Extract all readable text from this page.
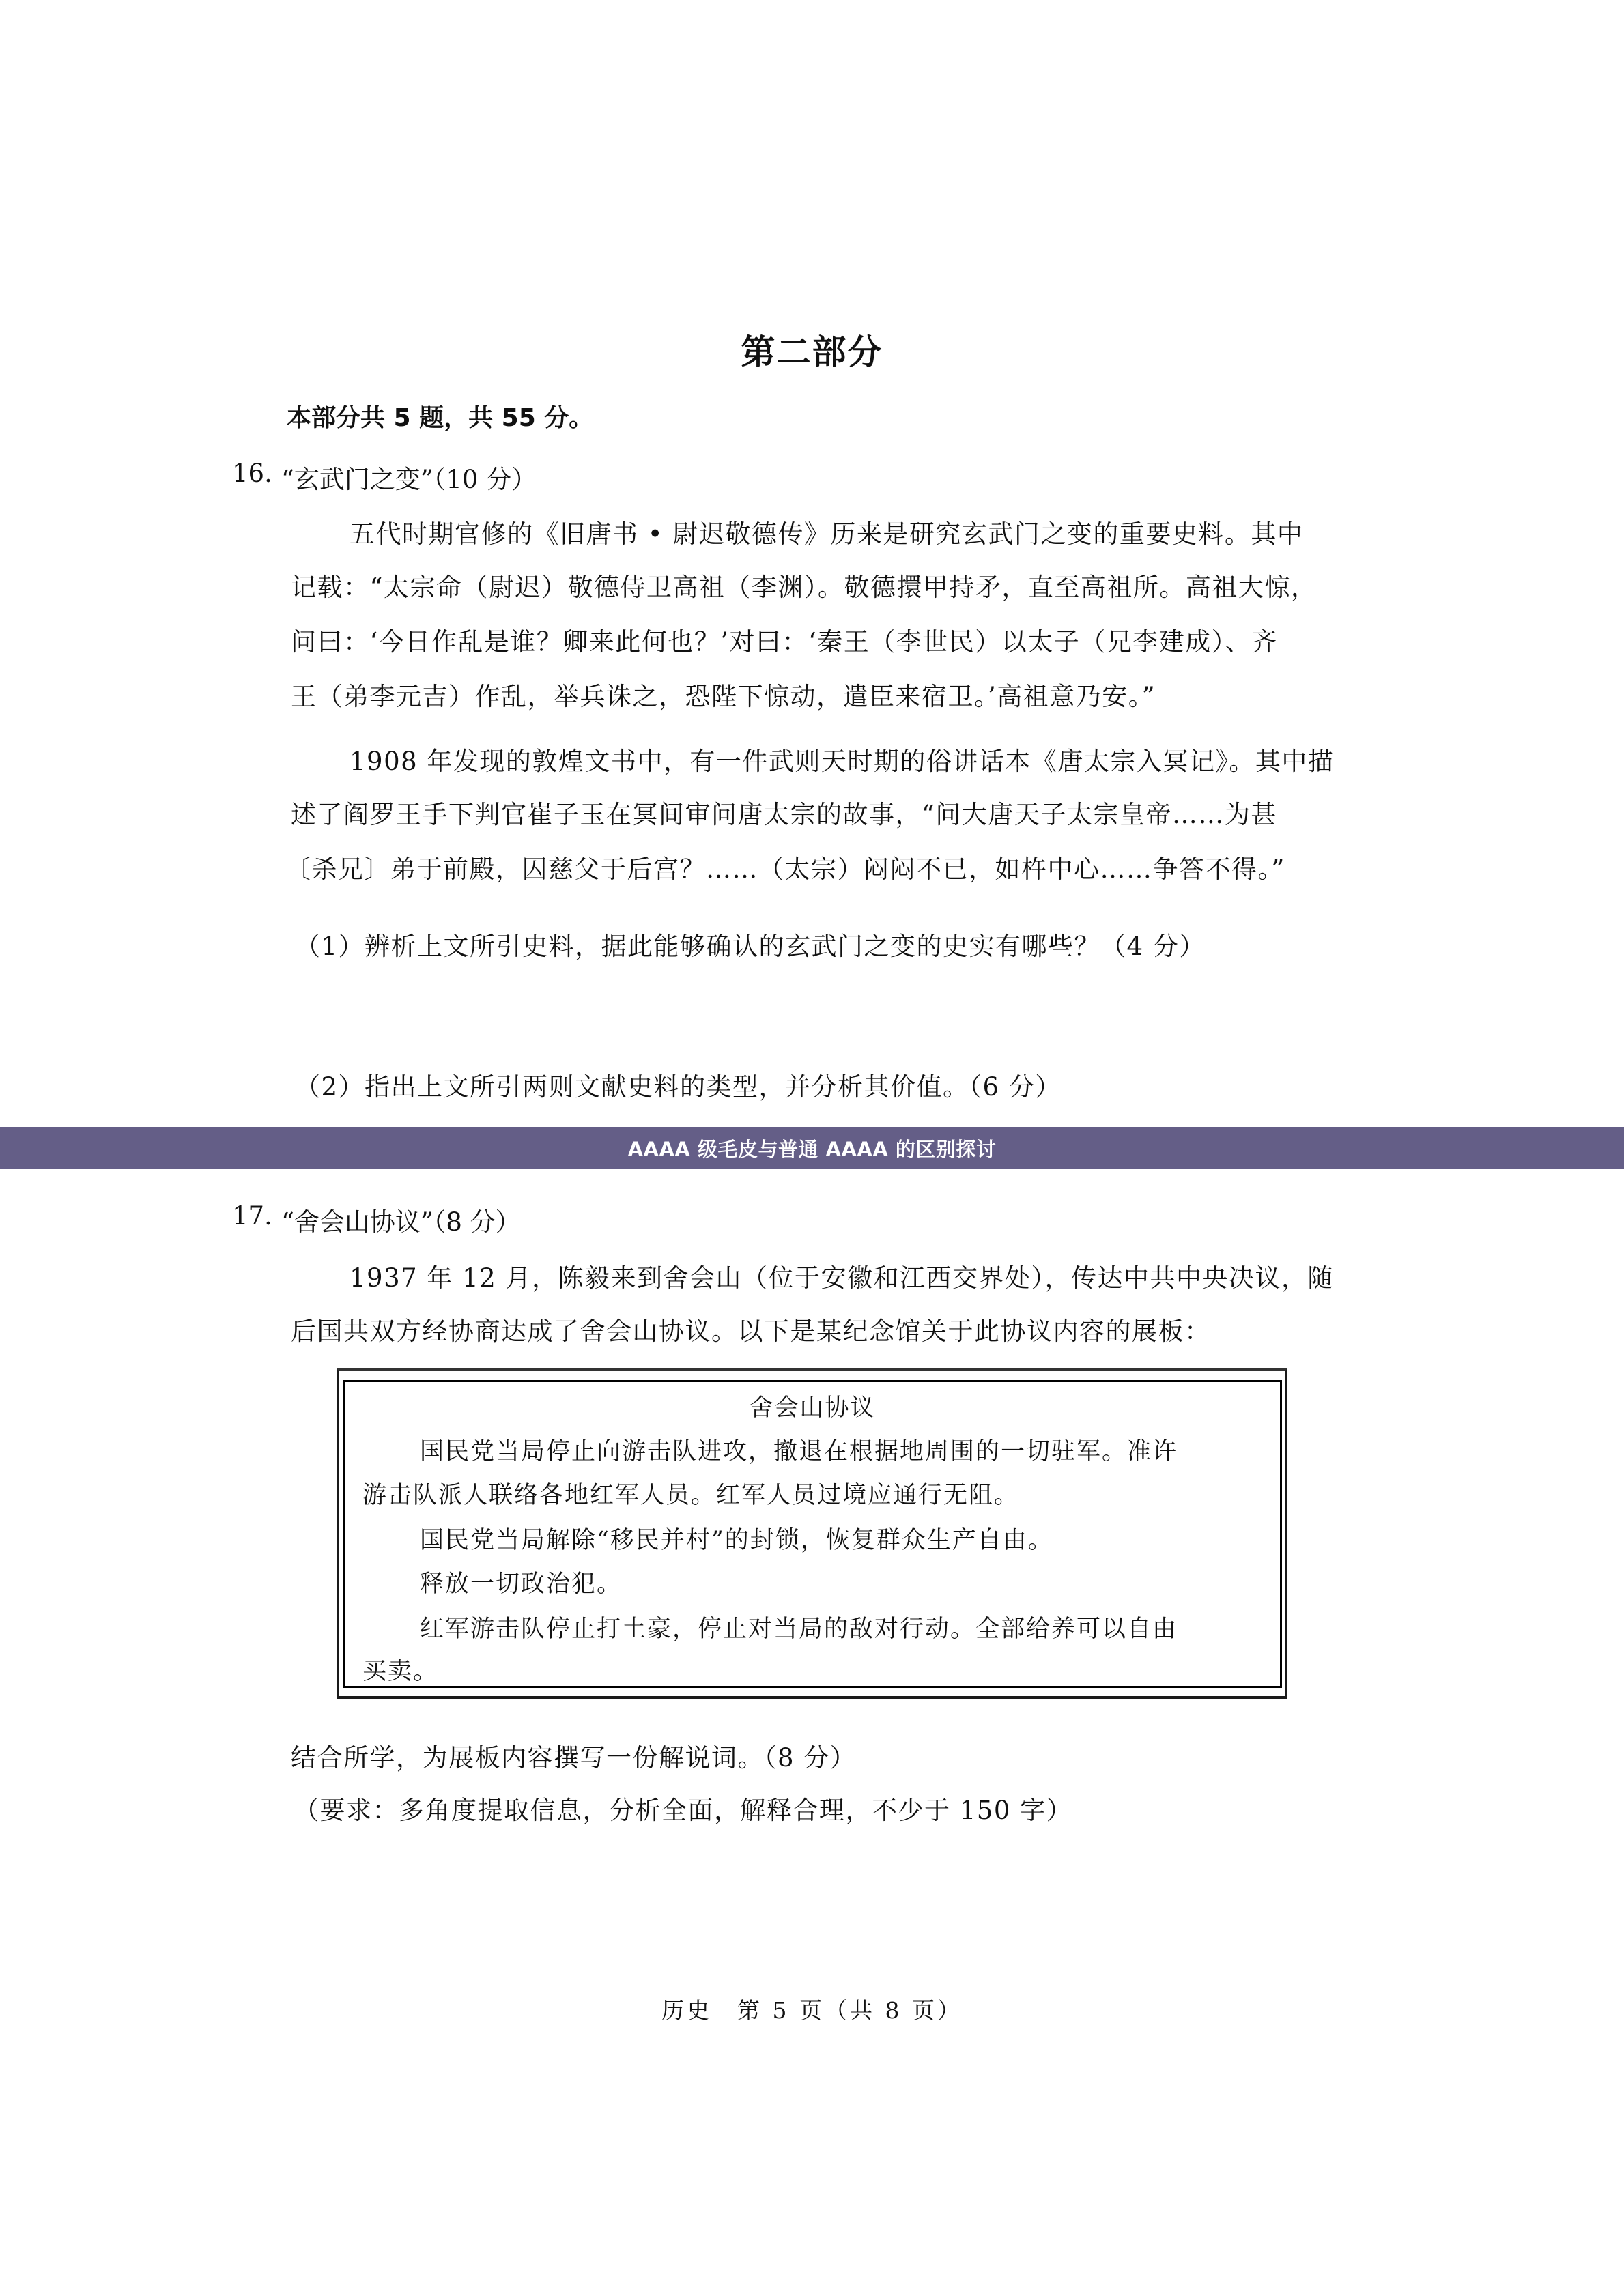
第二部分
本部分共 5 题，共 55 分。
16. “玄武门之变”（10 分）
五代时期官修的《旧唐书 • 尉迟敬德传》历来是研究玄武门之变的重要史料。其中
记载：“太宗命（尉迟）敬德侍卫高祖（李渊）。敬德擐甲持矛，直至高祖所。高祖大惊，
问曰：‘今日作乱是谁？卿来此何也？’对曰：‘秦王（李世民）以太子（兄李建成）、齐
王（弟李元吉）作乱，举兵诛之，恐陛下惊动，遣臣来宿卫。’高祖意乃安。”
1908 年发现的敦煌文书中，有一件武则天时期的俗讲话本《唐太宗入冥记》。其中描
述了阎罗王手下判官崔子玉在冥间审问唐太宗的故事，“问大唐天子太宗皇帝……为甚
〔杀兄〕弟于前殿，囚慈父于后宫？……（太宗）闷闷不已，如杵中心……争答不得。”
（1）辨析上文所引史料，据此能够确认的玄武门之变的史实有哪些？（4 分）
（2）指出上文所引两则文献史料的类型，并分析其价值。（6 分）
AAAA 级毛皮与普通 AAAA 的区别探讨
17. “舍会山协议”（8 分）
1937 年 12 月，陈毅来到舍会山（位于安徽和江西交界处），传达中共中央决议，随
后国共双方经协商达成了舍会山协议。以下是某纪念馆关于此协议内容的展板：
舍会山协议
国民党当局停止向游击队进攻，撤退在根据地周围的一切驻军。准许
游击队派人联络各地红军人员。红军人员过境应通行无阻。
国民党当局解除“移民并村”的封锁，恢复群众生产自由。
释放一切政治犯。
红军游击队停止打土豪，停止对当局的敌对行动。全部给养可以自由
买卖。
结合所学，为展板内容撰写一份解说词。（8 分）
（要求：多角度提取信息，分析全面，解释合理，不少于 150 字）
历史　第 5 页（共 8 页）
